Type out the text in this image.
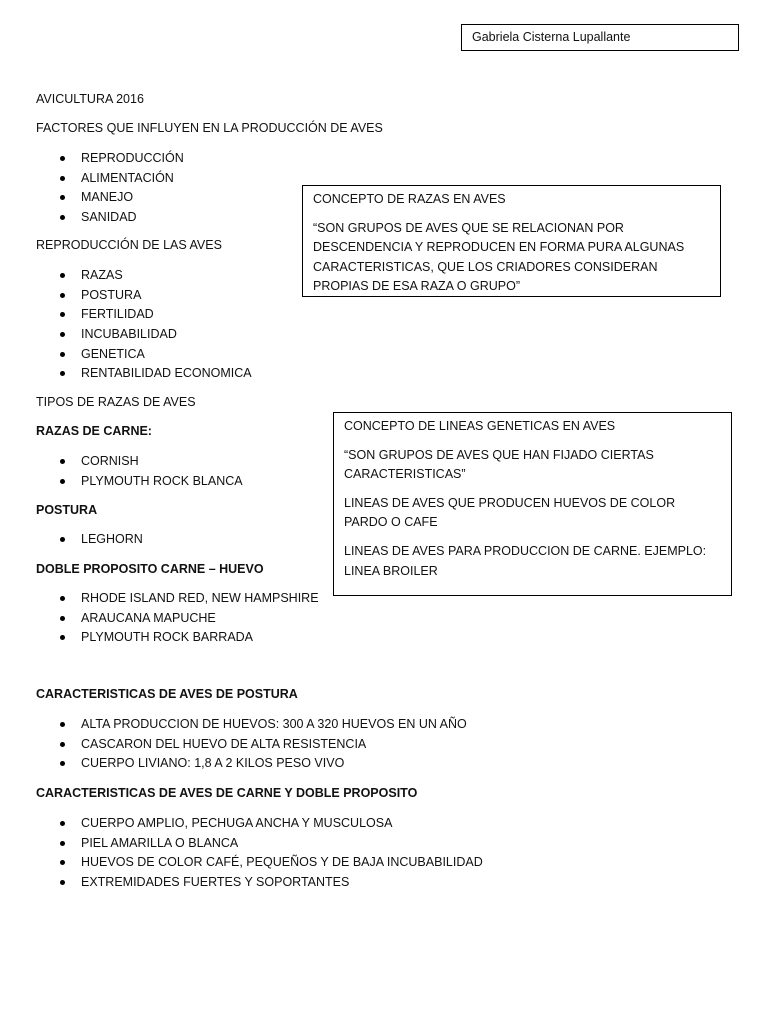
Gabriela Cisterna Lupallante
AVICULTURA 2016
FACTORES QUE INFLUYEN EN LA PRODUCCIÓN DE AVES
REPRODUCCIÓN
ALIMENTACIÓN
MANEJO
SANIDAD
REPRODUCCIÓN DE LAS AVES
RAZAS
POSTURA
FERTILIDAD
INCUBABILIDAD
GENETICA
RENTABILIDAD ECONOMICA
TIPOS DE RAZAS DE AVES
RAZAS DE CARNE:
CORNISH
PLYMOUTH ROCK BLANCA
POSTURA
LEGHORN
DOBLE PROPOSITO CARNE – HUEVO
RHODE ISLAND RED, NEW HAMPSHIRE
ARAUCANA MAPUCHE
PLYMOUTH ROCK BARRADA
CARACTERISTICAS DE AVES DE POSTURA
ALTA PRODUCCION DE HUEVOS: 300 A 320 HUEVOS EN UN AÑO
CASCARON DEL HUEVO DE ALTA RESISTENCIA
CUERPO LIVIANO: 1,8 A 2 KILOS PESO VIVO
CARACTERISTICAS DE AVES DE CARNE Y DOBLE PROPOSITO
CUERPO AMPLIO, PECHUGA ANCHA Y MUSCULOSA
PIEL AMARILLA O BLANCA
HUEVOS DE COLOR CAFÉ, PEQUEÑOS Y DE BAJA INCUBABILIDAD
EXTREMIDADES FUERTES Y SOPORTANTES

CONCEPTO DE RAZAS EN AVES

“SON GRUPOS DE AVES QUE SE RELACIONAN POR DESCENDENCIA Y REPRODUCEN EN FORMA PURA ALGUNAS CARACTERISTICAS, QUE LOS CRIADORES CONSIDERAN PROPIAS DE ESA RAZA O GRUPO”

CONCEPTO DE LINEAS GENETICAS EN AVES

“SON GRUPOS DE AVES QUE HAN FIJADO CIERTAS CARACTERISTICAS”

LINEAS DE AVES QUE PRODUCEN HUEVOS DE COLOR PARDO O CAFE

LINEAS DE AVES PARA PRODUCCION DE CARNE. EJEMPLO: LINEA BROILER
